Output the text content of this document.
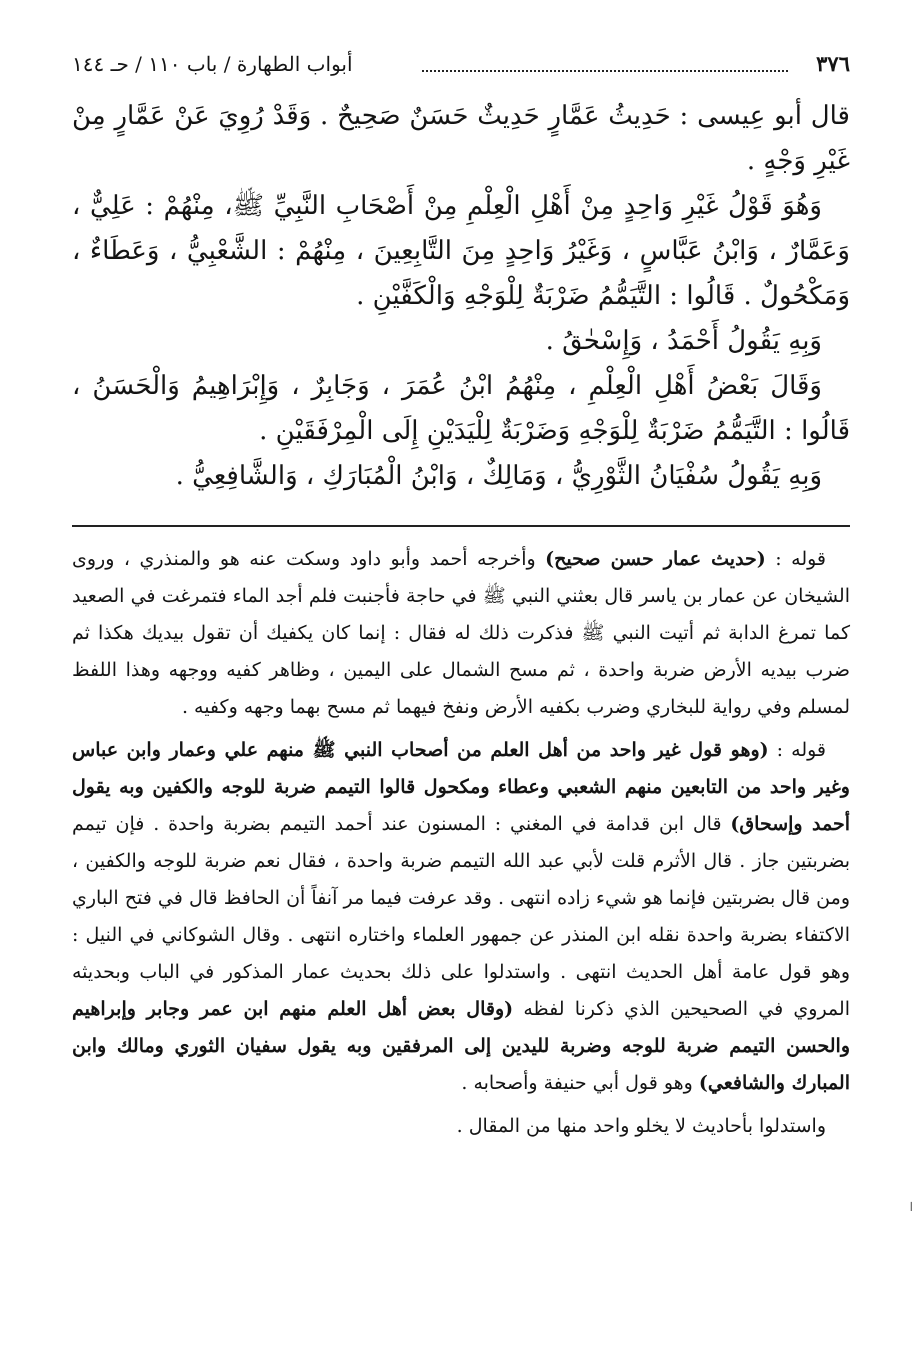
٣٧٦
أبواب الطهارة / باب ١١٠ / حـ ١٤٤

قال أبو عِيسى : حَدِيثُ عَمَّارٍ حَدِيثٌ حَسَنٌ صَحِيحٌ . وَقَدْ رُوِيَ عَنْ عَمَّارٍ مِنْ غَيْرِ وَجْهٍ .

وَهُوَ قَوْلُ غَيْرِ وَاحِدٍ مِنْ أَهْلِ الْعِلْمِ مِنْ أَصْحَابِ النَّبِيِّ ﷺ، مِنْهُمْ : عَلِيٌّ ، وَعَمَّارٌ ، وَابْنُ عَبَّاسٍ ، وَغَيْرُ وَاحِدٍ مِنَ التَّابِعِينَ ، مِنْهُمْ : الشَّعْبِيُّ ، وَعَطَاءٌ ، وَمَكْحُولٌ . قَالُوا : التَّيَمُّمُ ضَرْبَةٌ لِلْوَجْهِ وَالْكَفَّيْنِ .

وَبِهِ يَقُولُ أَحْمَدُ ، وَإِسْحٰقُ .

وَقَالَ بَعْضُ أَهْلِ الْعِلْمِ ، مِنْهُمُ ابْنُ عُمَرَ ، وَجَابِرٌ ، وَإِبْرَاهِيمُ وَالْحَسَنُ ، قَالُوا : التَّيَمُّمُ ضَرْبَةٌ لِلْوَجْهِ وَضَرْبَةٌ لِلْيَدَيْنِ إِلَى الْمِرْفَقَيْنِ .

وَبِهِ يَقُولُ سُفْيَانُ الثَّوْرِيُّ ، وَمَالِكٌ ، وَابْنُ الْمُبَارَكِ ، وَالشَّافِعِيُّ .

قوله : (حديث عمار حسن صحيح) وأخرجه أحمد وأبو داود وسكت عنه هو والمنذري ، وروى الشيخان عن عمار بن ياسر قال بعثني النبي ﷺ في حاجة فأجنبت فلم أجد الماء فتمرغت في الصعيد كما تمرغ الدابة ثم أتيت النبي ﷺ فذكرت ذلك له فقال : إنما كان يكفيك أن تقول بيديك هكذا ثم ضرب بيديه الأرض ضربة واحدة ، ثم مسح الشمال على اليمين ، وظاهر كفيه ووجهه وهذا اللفظ لمسلم وفي رواية للبخاري وضرب بكفيه الأرض ونفخ فيهما ثم مسح بهما وجهه وكفيه .

قوله : (وهو قول غير واحد من أهل العلم من أصحاب النبي ﷺ منهم علي وعمار وابن عباس وغير واحد من التابعين منهم الشعبي وعطاء ومكحول قالوا التيمم ضربة للوجه والكفين وبه يقول أحمد وإسحاق) قال ابن قدامة في المغني : المسنون عند أحمد التيمم بضربة واحدة . فإن تيمم بضربتين جاز . قال الأثرم قلت لأبي عبد الله التيمم ضربة واحدة ، فقال نعم ضربة للوجه والكفين ، ومن قال بضربتين فإنما هو شيء زاده انتهى . وقد عرفت فيما مر آنفاً أن الحافظ قال في فتح الباري الاكتفاء بضربة واحدة نقله ابن المنذر عن جمهور العلماء واختاره انتهى . وقال الشوكاني في النيل : وهو قول عامة أهل الحديث انتهى . واستدلوا على ذلك بحديث عمار المذكور في الباب وبحديثه المروي في الصحيحين الذي ذكرنا لفظه (وقال بعض أهل العلم منهم ابن عمر وجابر وإبراهيم والحسن التيمم ضربة للوجه وضربة لليدين إلى المرفقين وبه يقول سفيان الثوري ومالك وابن المبارك والشافعي) وهو قول أبي حنيفة وأصحابه .

واستدلوا بأحاديث لا يخلو واحد منها من المقال .

ا
